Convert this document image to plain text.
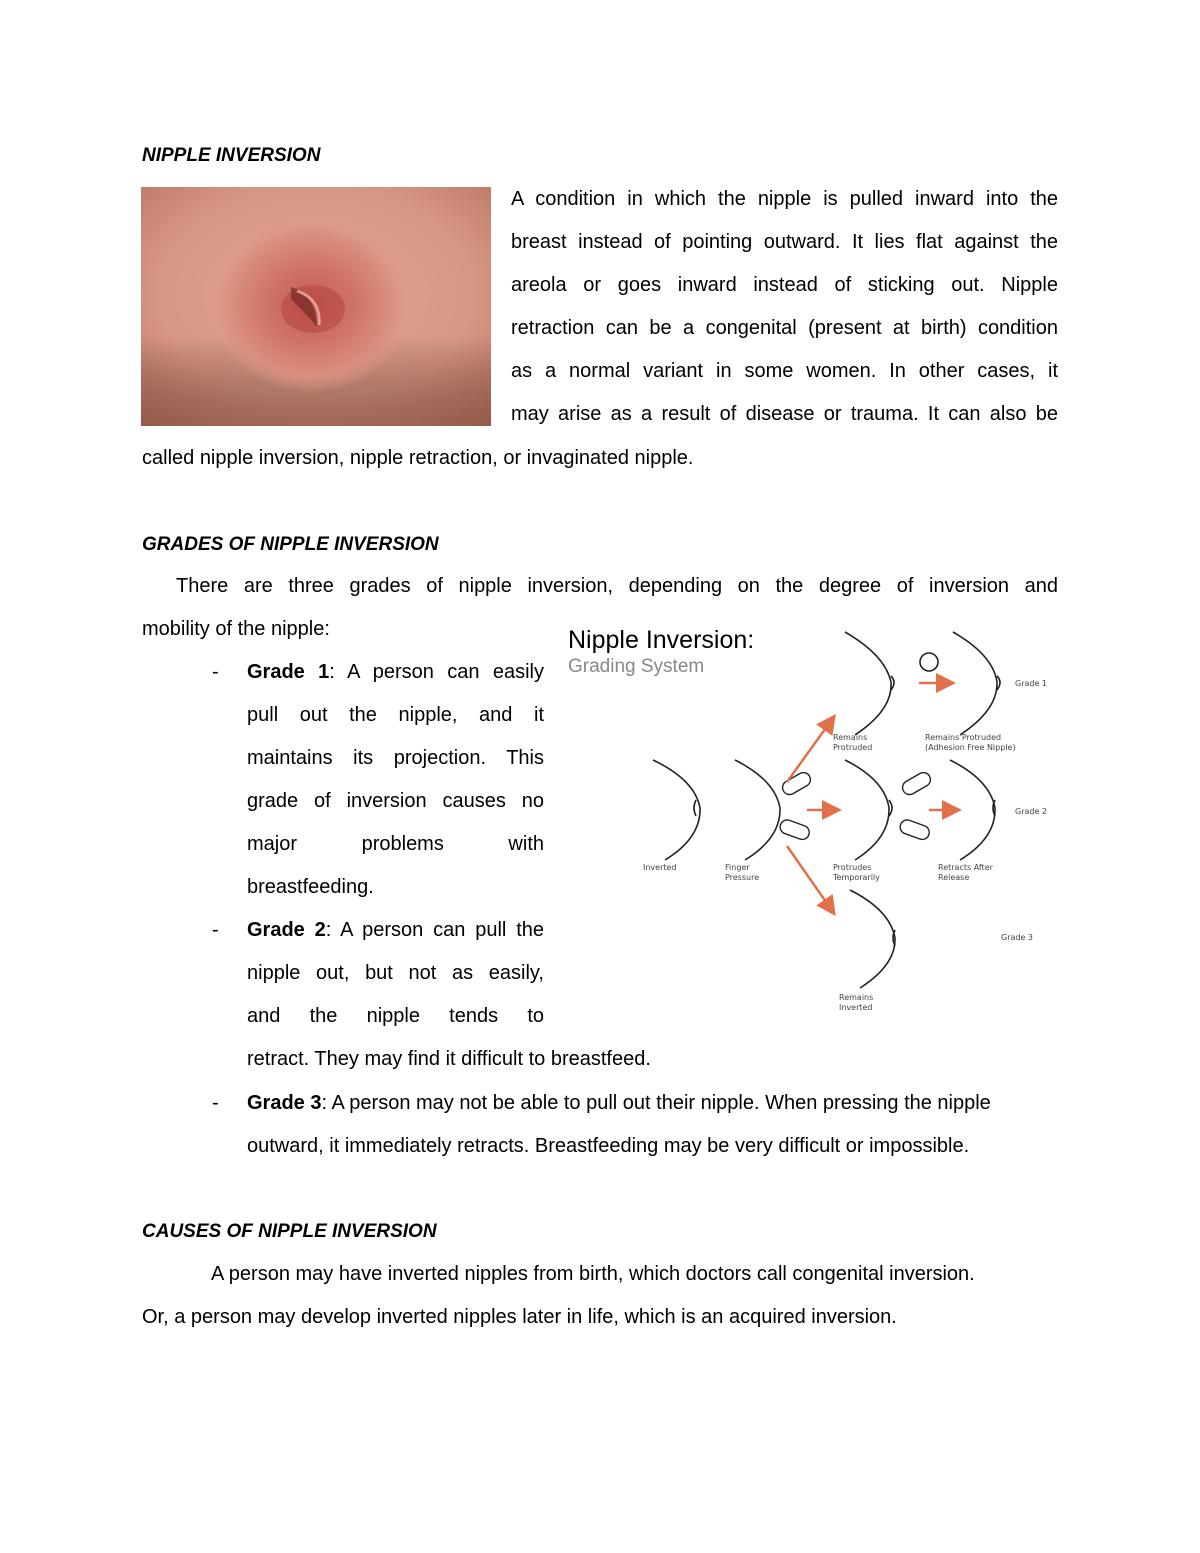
NIPPLE INVERSION
A condition in which the nipple is pulled inward into the
breast instead of pointing outward. It lies flat against the
areola or goes inward instead of sticking out. Nipple
retraction can be a congenital (present at birth) condition
as a normal variant in some women. In other cases, it
may arise as a result of disease or trauma. It can also be
called nipple inversion, nipple retraction, or invaginated nipple.
GRADES OF NIPPLE INVERSION
There are three grades of nipple inversion, depending on the degree of inversion and
mobility of the nipple:
- Grade 1: A person can easily
pull out the nipple, and it
maintains its projection. This
grade of inversion causes no
major problems with
breastfeeding.
- Grade 2: A person can pull the
nipple out, but not as easily,
and the nipple tends to
retract. They may find it difficult to breastfeed.
- Grade 3: A person may not be able to pull out their nipple. When pressing the nipple
outward, it immediately retracts. Breastfeeding may be very difficult or impossible.
Nipple Inversion:
Grading System
Inverted	Finger
Pressure
Remains
Protruded
Remains Protruded
(Adhesion Free Nipple)
Protrudes
Temporarily
Retracts After
Release
Remains
Inverted
Grade 1
Grade 2
Grade 3
CAUSES OF NIPPLE INVERSION
A person may have inverted nipples from birth, which doctors call congenital inversion.
Or, a person may develop inverted nipples later in life, which is an acquired inversion.
